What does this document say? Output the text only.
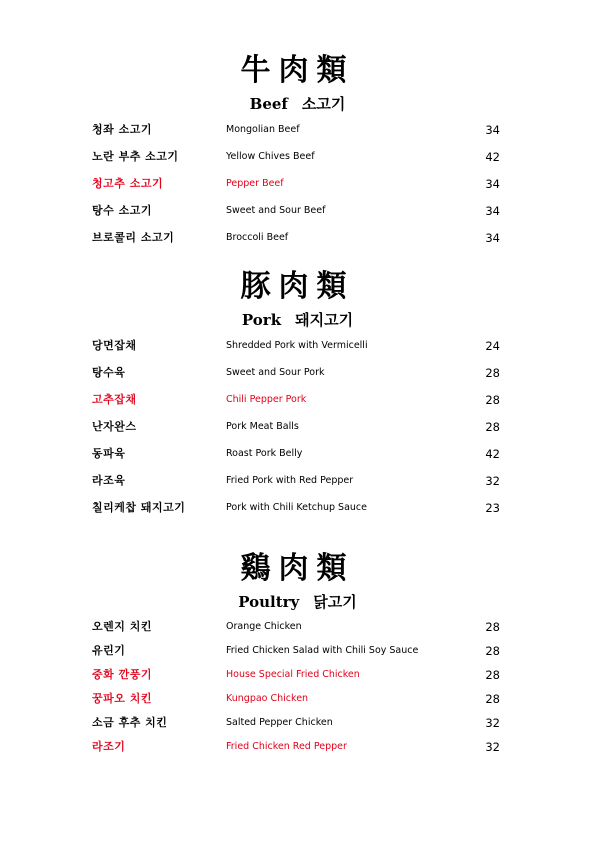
牛肉類
Beef 소고기
청좌 소고기	Mongolian Beef	34
노란 부추 소고기	Yellow Chives Beef	42
청고추 소고기	Pepper Beef	34
탕수 소고기	Sweet and Sour Beef	34
브로콜리 소고기	Broccoli Beef	34
豚肉類
Pork 돼지고기
당면잡채	Shredded Pork with Vermicelli	24
탕수육	Sweet and Sour Pork	28
고추잡채	Chili Pepper Pork	28
난자완스	Pork Meat Balls	28
동파육	Roast Pork Belly	42
라조육	Fried Pork with Red Pepper	32
칠리케찹 돼지고기	Pork with Chili Ketchup Sauce	23
鷄肉類
Poultry 닭고기
오렌지 치킨	Orange Chicken	28
유린기	Fried Chicken Salad with Chili Soy Sauce	28
중화 깐풍기	House Special Fried Chicken	28
꿍파오 치킨	Kungpao Chicken	28
소금 후추 치킨	Salted Pepper Chicken	32
라조기	Fried Chicken Red Pepper	32
